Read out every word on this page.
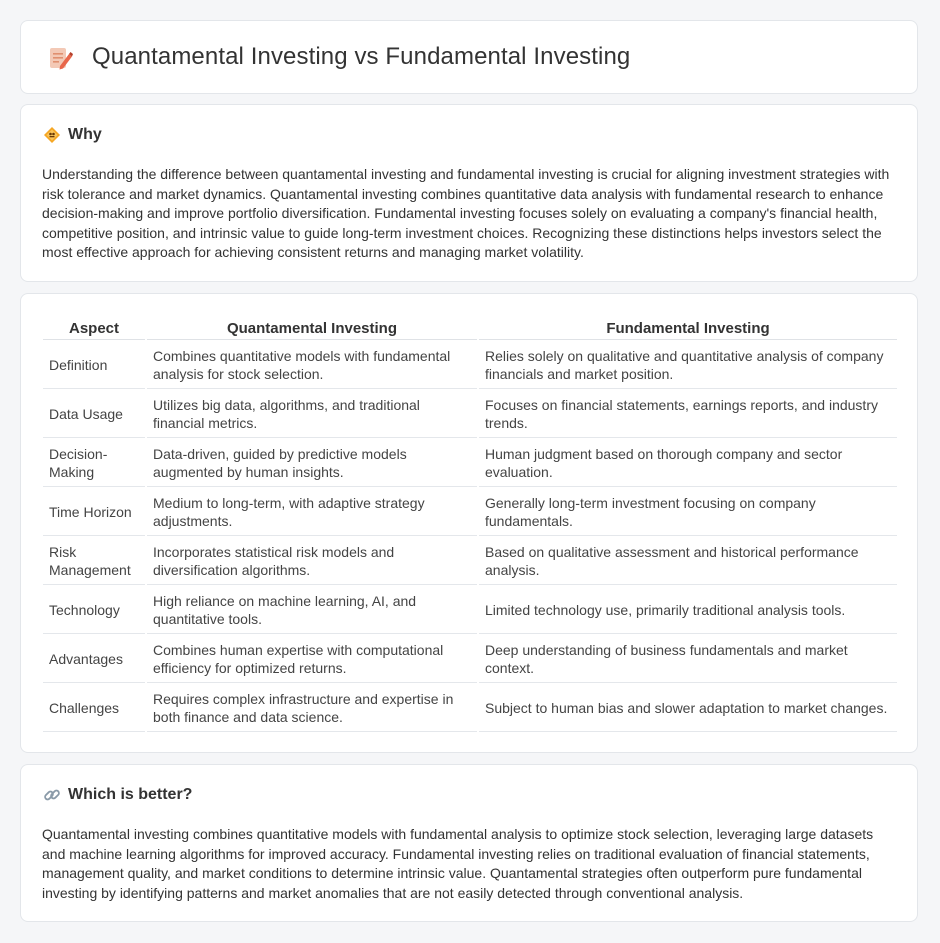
Quantamental Investing vs Fundamental Investing
Why

Understanding the difference between quantamental investing and fundamental investing is crucial for aligning investment strategies with risk tolerance and market dynamics. Quantamental investing combines quantitative data analysis with fundamental research to enhance decision-making and improve portfolio diversification. Fundamental investing focuses solely on evaluating a company's financial health, competitive position, and intrinsic value to guide long-term investment choices. Recognizing these distinctions helps investors select the most effective approach for achieving consistent returns and managing market volatility.

Aspect	Quantamental Investing	Fundamental Investing
Definition	Combines quantitative models with fundamental analysis for stock selection.	Relies solely on qualitative and quantitative analysis of company financials and market position.
Data Usage	Utilizes big data, algorithms, and traditional financial metrics.	Focuses on financial statements, earnings reports, and industry trends.
Decision-Making	Data-driven, guided by predictive models augmented by human insights.	Human judgment based on thorough company and sector evaluation.
Time Horizon	Medium to long-term, with adaptive strategy adjustments.	Generally long-term investment focusing on company fundamentals.
Risk Management	Incorporates statistical risk models and diversification algorithms.	Based on qualitative assessment and historical performance analysis.
Technology	High reliance on machine learning, AI, and quantitative tools.	Limited technology use, primarily traditional analysis tools.
Advantages	Combines human expertise with computational efficiency for optimized returns.	Deep understanding of business fundamentals and market context.
Challenges	Requires complex infrastructure and expertise in both finance and data science.	Subject to human bias and slower adaptation to market changes.
Which is better?

Quantamental investing combines quantitative models with fundamental analysis to optimize stock selection, leveraging large datasets and machine learning algorithms for improved accuracy. Fundamental investing relies on traditional evaluation of financial statements, management quality, and market conditions to determine intrinsic value. Quantamental strategies often outperform pure fundamental investing by identifying patterns and market anomalies that are not easily detected through conventional analysis.
